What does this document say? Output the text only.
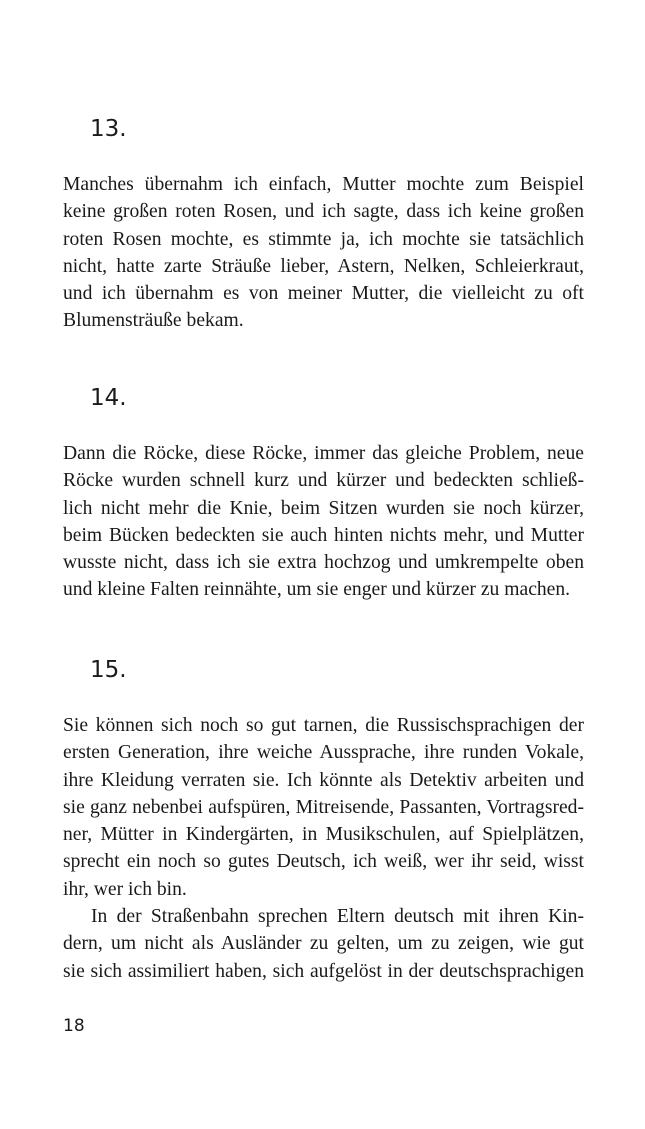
13.
Manches übernahm ich einfach, Mutter mochte zum Beispiel
keine großen roten Rosen, und ich sagte, dass ich keine großen
roten Rosen mochte, es stimmte ja, ich mochte sie tatsächlich
nicht, hatte zarte Sträuße lieber, Astern, Nelken, Schleierkraut,
und ich übernahm es von meiner Mutter, die vielleicht zu oft
Blumensträuße bekam.
14.
Dann die Röcke, diese Röcke, immer das gleiche Problem, neue
Röcke wurden schnell kurz und kürzer und bedeckten schließ-
lich nicht mehr die Knie, beim Sitzen wurden sie noch kürzer,
beim Bücken bedeckten sie auch hinten nichts mehr, und Mutter
wusste nicht, dass ich sie extra hochzog und umkrempelte oben
und kleine Falten reinnähte, um sie enger und kürzer zu machen.
15.
Sie können sich noch so gut tarnen, die Russischsprachigen der
ersten Generation, ihre weiche Aussprache, ihre runden Vokale,
ihre Kleidung verraten sie. Ich könnte als Detektiv arbeiten und
sie ganz nebenbei aufspüren, Mitreisende, Passanten, Vortragsred-
ner, Mütter in Kindergärten, in Musikschulen, auf Spielplätzen,
sprecht ein noch so gutes Deutsch, ich weiß, wer ihr seid, wisst
ihr, wer ich bin.
In der Straßenbahn sprechen Eltern deutsch mit ihren Kin-
dern, um nicht als Ausländer zu gelten, um zu zeigen, wie gut
sie sich assimiliert haben, sich aufgelöst in der deutschsprachigen
18
